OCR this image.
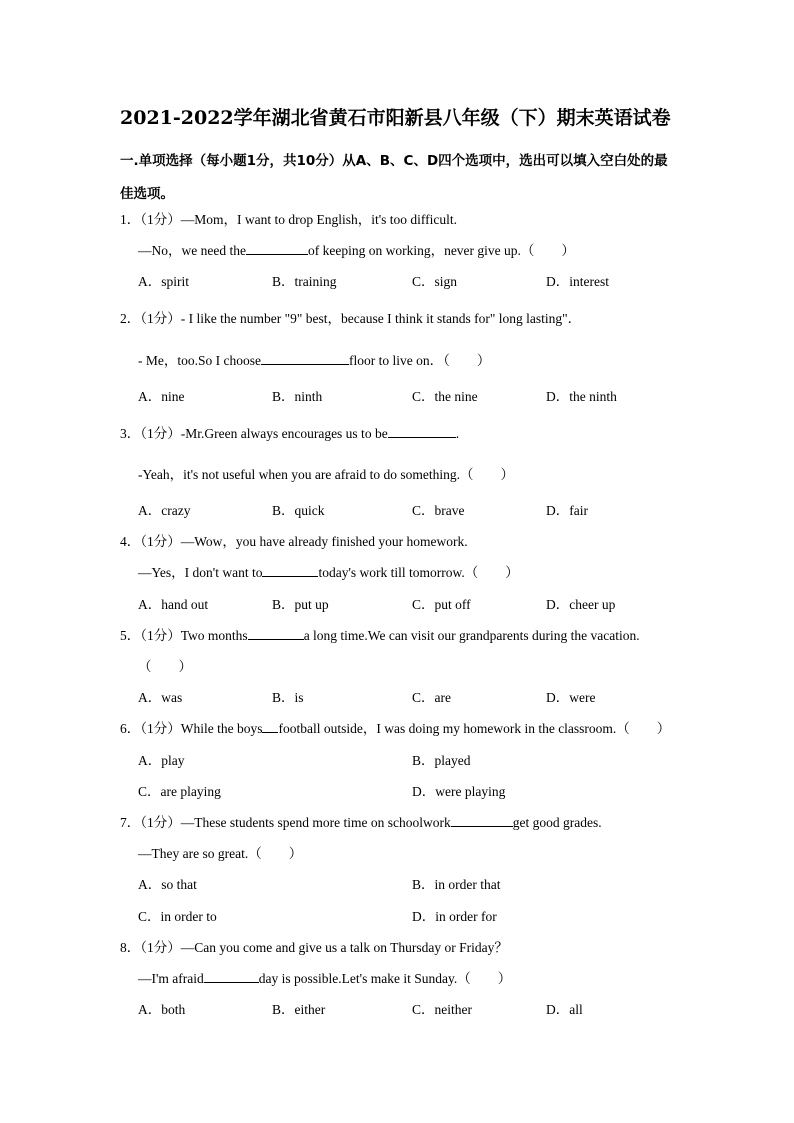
2021-2022学年湖北省黄石市阳新县八年级（下）期末英语试卷
一.单项选择（每小题1分，共10分）从A、B、C、D四个选项中，选出可以填入空白处的最佳选项。
1．（1分）—Mom，I want to drop English，it's too difficult.
—No，we need the	of keeping on working，never give up.（　　）
A．spirit	B．training	C．sign	D．interest
2．（1分）- I like the number "9" best，because I think it stands for" long lasting"．
- Me，too.So I choose	floor to live on．（　　）
A．nine	B．ninth	C．the nine	D．the ninth
3．（1分）-Mr.Green always encourages us to be	.
-Yeah，it's not useful when you are afraid to do something.（　　）
A．crazy	B．quick	C．brave	D．fair
4．（1分）—Wow，you have already finished your homework.
—Yes，I don't want to	today's work till tomorrow.（　　）
A．hand out	B．put up	C．put off	D．cheer up
5．（1分）Two months	a long time.We can visit our grandparents during the vacation.
（　　）
A．was	B．is	C．are	D．were
6．（1分）While the boys football outside，I was doing my homework in the classroom.（　　）
A．play	B．played
C．are playing	D．were playing
7．（1分）—These students spend more time on schoolwork	get good grades.
—They are so great.（　　）
A．so that	B．in order that
C．in order to	D．in order for
8．（1分）—Can you come and give us a talk on Thursday or Friday？
—I'm afraid	day is possible.Let's make it Sunday.（　　）
A．both	B．either	C．neither	D．all
